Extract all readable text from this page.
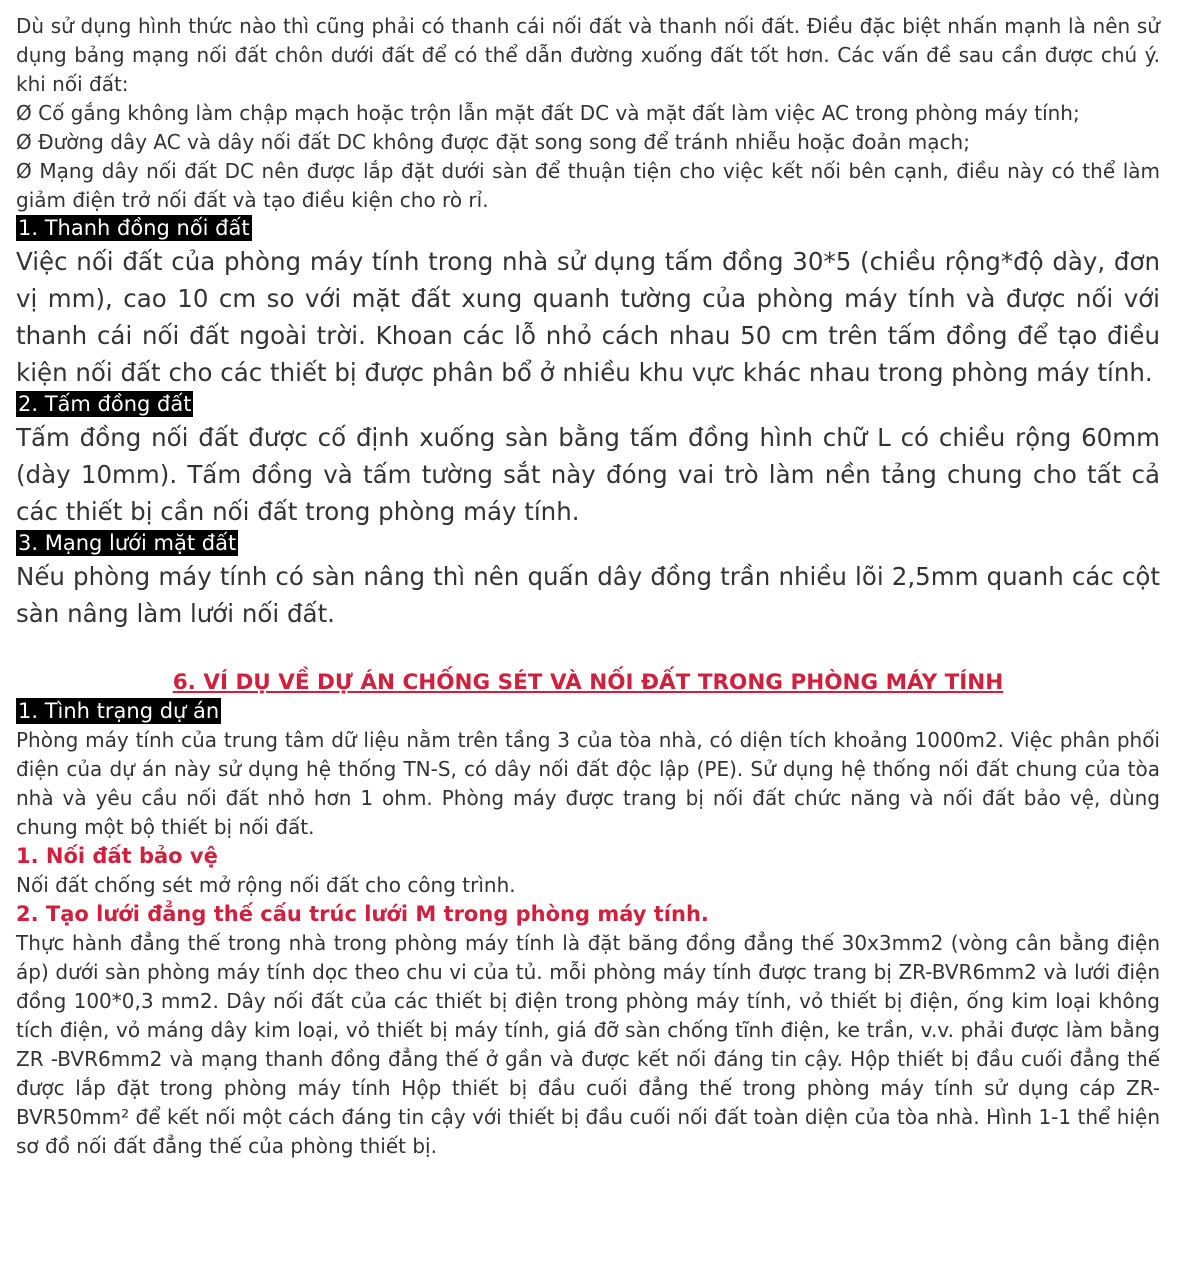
Dù sử dụng hình thức nào thì cũng phải có thanh cái nối đất và thanh nối đất. Điều đặc biệt nhấn mạnh là nên sử dụng bảng mạng nối đất chôn dưới đất để có thể dẫn đường xuống đất tốt hơn. Các vấn đề sau cần được chú ý. khi nối đất:

Ø Cố gắng không làm chập mạch hoặc trộn lẫn mặt đất DC và mặt đất làm việc AC trong phòng máy tính;

Ø Đường dây AC và dây nối đất DC không được đặt song song để tránh nhiễu hoặc đoản mạch;

Ø Mạng dây nối đất DC nên được lắp đặt dưới sàn để thuận tiện cho việc kết nối bên cạnh, điều này có thể làm giảm điện trở nối đất và tạo điều kiện cho rò rỉ.

1. Thanh đồng nối đất

Việc nối đất của phòng máy tính trong nhà sử dụng tấm đồng 30*5 (chiều rộng*độ dày, đơn vị mm), cao 10 cm so với mặt đất xung quanh tường của phòng máy tính và được nối với thanh cái nối đất ngoài trời. Khoan các lỗ nhỏ cách nhau 50 cm trên tấm đồng để tạo điều kiện nối đất cho các thiết bị được phân bổ ở nhiều khu vực khác nhau trong phòng máy tính.

2. Tấm đồng đất

Tấm đồng nối đất được cố định xuống sàn bằng tấm đồng hình chữ L có chiều rộng 60mm (dày 10mm). Tấm đồng và tấm tường sắt này đóng vai trò làm nền tảng chung cho tất cả các thiết bị cần nối đất trong phòng máy tính.

3. Mạng lưới mặt đất

Nếu phòng máy tính có sàn nâng thì nên quấn dây đồng trần nhiều lõi 2,5mm quanh các cột sàn nâng làm lưới nối đất.

6. VÍ DỤ VỀ DỰ ÁN CHỐNG SÉT VÀ NỐI ĐẤT TRONG PHÒNG MÁY TÍNH
1. Tình trạng dự án

Phòng máy tính của trung tâm dữ liệu nằm trên tầng 3 của tòa nhà, có diện tích khoảng 1000m2. Việc phân phối điện của dự án này sử dụng hệ thống TN-S, có dây nối đất độc lập (PE). Sử dụng hệ thống nối đất chung của tòa nhà và yêu cầu nối đất nhỏ hơn 1 ohm. Phòng máy được trang bị nối đất chức năng và nối đất bảo vệ, dùng chung một bộ thiết bị nối đất.

1. Nối đất bảo vệ

Nối đất chống sét mở rộng nối đất cho công trình.

2. Tạo lưới đẳng thế cấu trúc lưới M trong phòng máy tính.

Thực hành đẳng thế trong nhà trong phòng máy tính là đặt băng đồng đẳng thế 30x3mm2 (vòng cân bằng điện áp) dưới sàn phòng máy tính dọc theo chu vi của tủ. mỗi phòng máy tính được trang bị ZR-BVR6mm2 và lưới điện đồng 100*0,3 mm2. Dây nối đất của các thiết bị điện trong phòng máy tính, vỏ thiết bị điện, ống kim loại không tích điện, vỏ máng dây kim loại, vỏ thiết bị máy tính, giá đỡ sàn chống tĩnh điện, ke trần, v.v. phải được làm bằng ZR -BVR6mm2 và mạng thanh đồng đẳng thế ở gần và được kết nối đáng tin cậy. Hộp thiết bị đầu cuối đẳng thế được lắp đặt trong phòng máy tính Hộp thiết bị đầu cuối đẳng thế trong phòng máy tính sử dụng cáp ZR-BVR50mm² để kết nối một cách đáng tin cậy với thiết bị đầu cuối nối đất toàn diện của tòa nhà. Hình 1-1 thể hiện sơ đồ nối đất đẳng thế của phòng thiết bị.
